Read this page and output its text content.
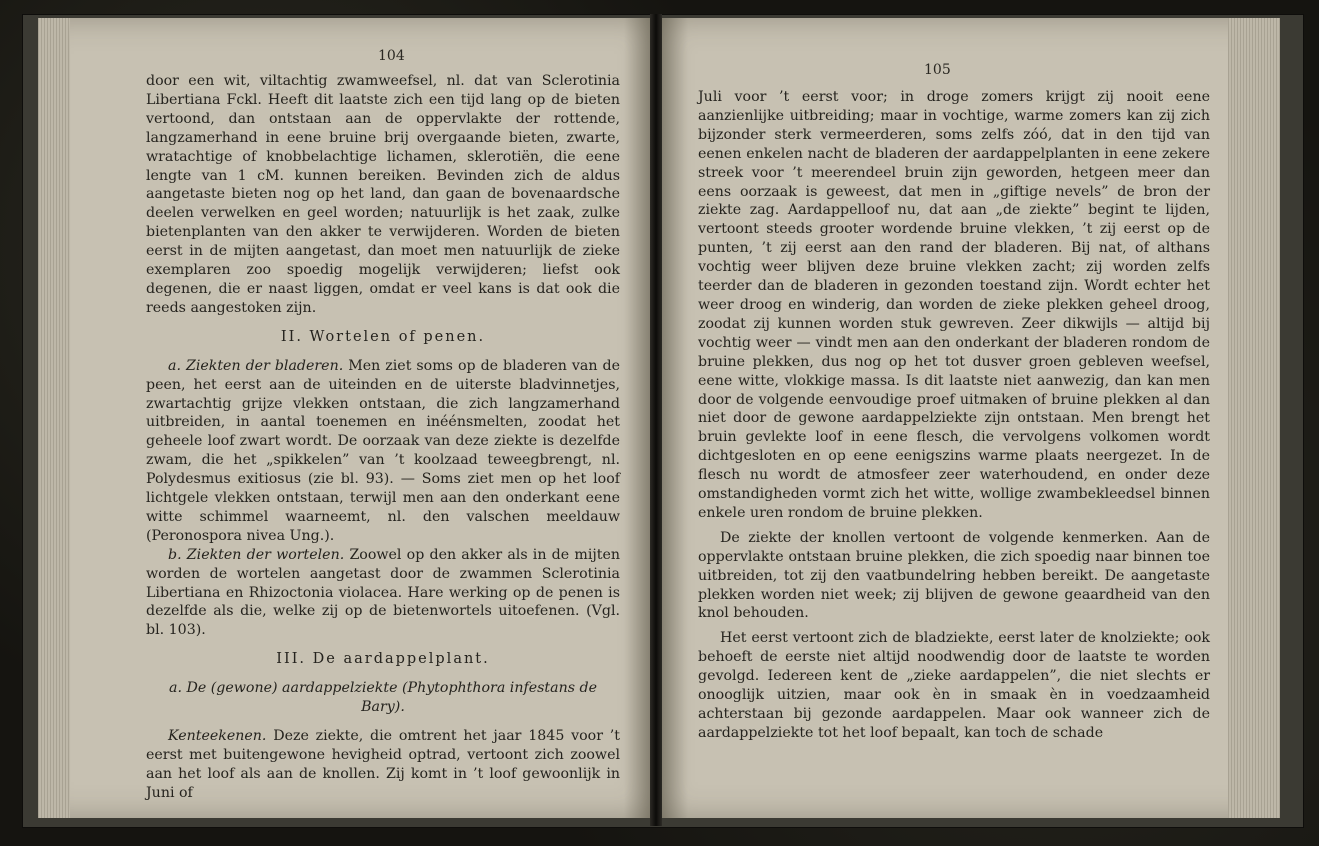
104

door een wit, viltachtig zwamweefsel, nl. dat van Sclerotinia Libertiana Fckl. Heeft dit laatste zich een tijd lang op de bieten vertoond, dan ontstaan aan de oppervlakte der rottende, langzamerhand in eene bruine brij overgaande bieten, zwarte, wratachtige of knobbelachtige lichamen, sklerotiën, die eene lengte van 1 cM. kunnen bereiken. Bevinden zich de aldus aangetaste bieten nog op het land, dan gaan de bovenaardsche deelen verwelken en geel worden; natuurlijk is het zaak, zulke bietenplanten van den akker te verwijderen. Worden de bieten eerst in de mijten aangetast, dan moet men natuurlijk de zieke exemplaren zoo spoedig mogelijk verwijderen; liefst ook degenen, die er naast liggen, omdat er veel kans is dat ook die reeds aangestoken zijn.

II. Wortelen of penen.

a. Ziekten der bladeren. Men ziet soms op de bladeren van de peen, het eerst aan de uiteinden en de uiterste bladvinnetjes, zwartachtig grijze vlekken ontstaan, die zich langzamerhand uitbreiden, in aantal toenemen en inéénsmelten, zoodat het geheele loof zwart wordt. De oorzaak van deze ziekte is dezelfde zwam, die het „spikkelen” van ’t koolzaad teweegbrengt, nl. Polydesmus exitiosus (zie bl. 93). — Soms ziet men op het loof lichtgele vlekken ontstaan, terwijl men aan den onderkant eene witte schimmel waarneemt, nl. den valschen meeldauw (Peronospora nivea Ung.).

b. Ziekten der wortelen. Zoowel op den akker als in de mijten worden de wortelen aangetast door de zwammen Sclerotinia Libertiana en Rhizoctonia violacea. Hare werking op de penen is dezelfde als die, welke zij op de bietenwortels uitoefenen. (Vgl. bl. 103).

III. De aardappelplant.
a. De (gewone) aardappelziekte (Phytophthora infestans de Bary).

Kenteekenen. Deze ziekte, die omtrent het jaar 1845 voor ’t eerst met buitengewone hevigheid optrad, vertoont zich zoowel aan het loof als aan de knollen. Zij komt in ’t loof gewoonlijk in Juni of

105

Juli voor ’t eerst voor; in droge zomers krijgt zij nooit eene aanzienlijke uitbreiding; maar in vochtige, warme zomers kan zij zich bijzonder sterk vermeerderen, soms zelfs zóó, dat in den tijd van eenen enkelen nacht de bladeren der aardappelplanten in eene zekere streek voor ’t meerendeel bruin zijn geworden, hetgeen meer dan eens oorzaak is geweest, dat men in „giftige nevels” de bron der ziekte zag. Aardappelloof nu, dat aan „de ziekte” begint te lijden, vertoont steeds grooter wordende bruine vlekken, ’t zij eerst op de punten, ’t zij eerst aan den rand der bladeren. Bij nat, of althans vochtig weer blijven deze bruine vlekken zacht; zij worden zelfs teerder dan de bladeren in gezonden toestand zijn. Wordt echter het weer droog en winderig, dan worden de zieke plekken geheel droog, zoodat zij kunnen worden stuk gewreven. Zeer dikwijls — altijd bij vochtig weer — vindt men aan den onderkant der bladeren rondom de bruine plekken, dus nog op het tot dusver groen gebleven weefsel, eene witte, vlokkige massa. Is dit laatste niet aanwezig, dan kan men door de volgende eenvoudige proef uitmaken of bruine plekken al dan niet door de gewone aardappelziekte zijn ontstaan. Men brengt het bruin gevlekte loof in eene flesch, die vervolgens volkomen wordt dichtgesloten en op eene eenigszins warme plaats neergezet. In de flesch nu wordt de atmosfeer zeer waterhoudend, en onder deze omstandigheden vormt zich het witte, wollige zwambekleedsel binnen enkele uren rondom de bruine plekken.

De ziekte der knollen vertoont de volgende kenmerken. Aan de oppervlakte ontstaan bruine plekken, die zich spoedig naar binnen toe uitbreiden, tot zij den vaatbundelring hebben bereikt. De aangetaste plekken worden niet week; zij blijven de gewone geaardheid van den knol behouden.

Het eerst vertoont zich de bladziekte, eerst later de knolziekte; ook behoeft de eerste niet altijd noodwendig door de laatste te worden gevolgd. Iedereen kent de „zieke aardappelen”, die niet slechts er onooglijk uitzien, maar ook èn in smaak èn in voedzaamheid achterstaan bij gezonde aardappelen. Maar ook wanneer zich de aardappelziekte tot het loof bepaalt, kan toch de schade
